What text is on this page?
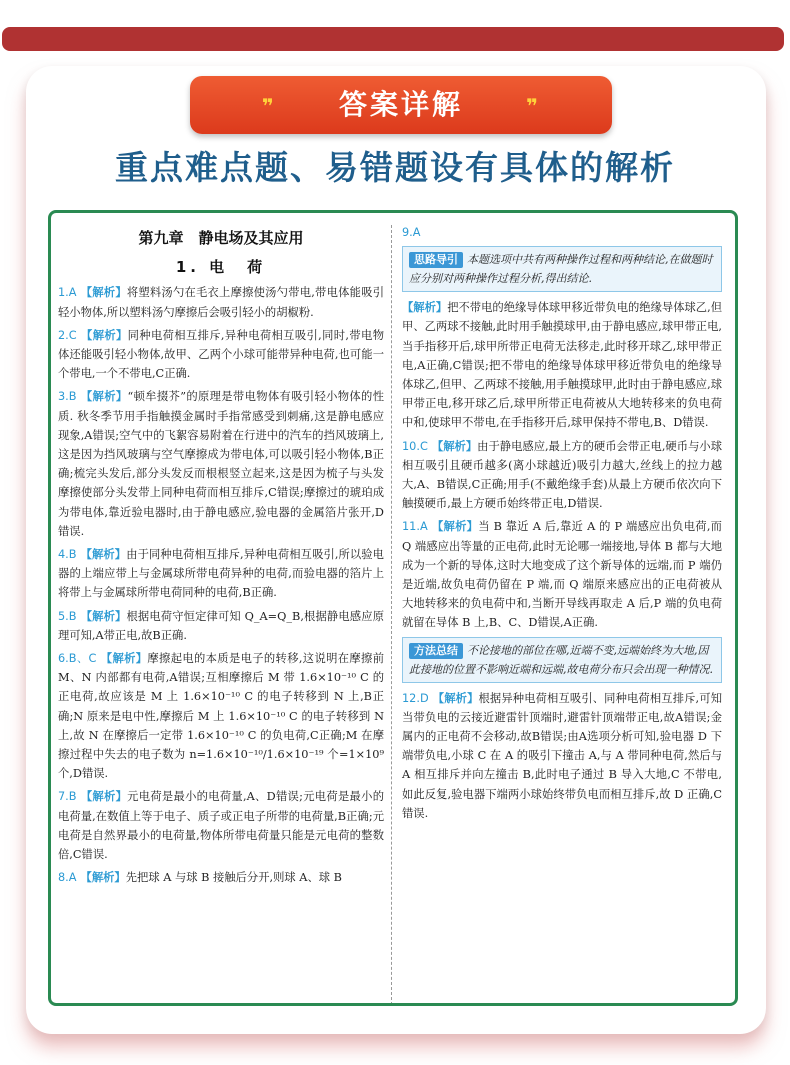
❞	答案详解	❞
重点难点题、易错题设有具体的解析
第九章　静电场及其应用
1. 电　荷
1.A 【解析】将塑料汤勺在毛衣上摩擦使汤勺带电,带电体能吸引轻小物体,所以塑料汤勺摩擦后会吸引轻小的胡椒粉.
2.C 【解析】同种电荷相互排斥,异种电荷相互吸引,同时,带电物体还能吸引轻小物体,故甲、乙两个小球可能带异种电荷,也可能一个带电,一个不带电,C正确.
3.B 【解析】“顿牟掇芥”的原理是带电物体有吸引轻小物体的性质. 秋冬季节用手指触摸金属时手指常感受到刺痛,这是静电感应现象,A错误;空气中的飞絮容易附着在行进中的汽车的挡风玻璃上,这是因为挡风玻璃与空气摩擦成为带电体,可以吸引轻小物体,B正确;梳完头发后,部分头发反而根根竖立起来,这是因为梳子与头发摩擦使部分头发带上同种电荷而相互排斥,C错误;摩擦过的琥珀成为带电体,靠近验电器时,由于静电感应,验电器的金属箔片张开,D错误.
4.B 【解析】由于同种电荷相互排斥,异种电荷相互吸引,所以验电器的上端应带上与金属球所带电荷异种的电荷,而验电器的箔片上将带上与金属球所带电荷同种的电荷,B正确.
5.B 【解析】根据电荷守恒定律可知 Q_A=Q_B,根据静电感应原理可知,A带正电,故B正确.
6.B、C 【解析】摩擦起电的本质是电子的转移,这说明在摩擦前 M、N 内部都有电荷,A错误;互相摩擦后 M 带 1.6×10⁻¹⁰ C 的正电荷,故应该是 M 上 1.6×10⁻¹⁰ C 的电子转移到 N 上,B正确;N 原来是电中性,摩擦后 M 上 1.6×10⁻¹⁰ C 的电子转移到 N 上,故 N 在摩擦后一定带 1.6×10⁻¹⁰ C 的负电荷,C正确;M 在摩擦过程中失去的电子数为 n=1.6×10⁻¹⁰/1.6×10⁻¹⁹ 个=1×10⁹ 个,D错误.
7.B 【解析】元电荷是最小的电荷量,A、D错误;元电荷是最小的电荷量,在数值上等于电子、质子或正电子所带的电荷量,B正确;元电荷是自然界最小的电荷量,物体所带电荷量只能是元电荷的整数倍,C错误.
8.A 【解析】先把球 A 与球 B 接触后分开,则球 A、球 B
9.A
思路导引 本题选项中共有两种操作过程和两种结论,在做题时应分别对两种操作过程分析,得出结论.
【解析】把不带电的绝缘导体球甲移近带负电的绝缘导体球乙,但甲、乙两球不接触,此时用手触摸球甲,由于静电感应,球甲带正电,当手指移开后,球甲所带正电荷无法移走,此时移开球乙,球甲带正电,A正确,C错误;把不带电的绝缘导体球甲移近带负电的绝缘导体球乙,但甲、乙两球不接触,用手触摸球甲,此时由于静电感应,球甲带正电,移开球乙后,球甲所带正电荷被从大地转移来的负电荷中和,使球甲不带电,在手指移开后,球甲保持不带电,B、D错误.
10.C 【解析】由于静电感应,最上方的硬币会带正电,硬币与小球相互吸引且硬币越多(离小球越近)吸引力越大,丝线上的拉力越大,A、B错误,C正确;用手(不戴绝缘手套)从最上方硬币依次向下触摸硬币,最上方硬币始终带正电,D错误.
11.A 【解析】当 B 靠近 A 后,靠近 A 的 P 端感应出负电荷,而 Q 端感应出等量的正电荷,此时无论哪一端接地,导体 B 都与大地成为一个新的导体,这时大地变成了这个新导体的远端,而 P 端仍是近端,故负电荷仍留在 P 端,而 Q 端原来感应出的正电荷被从大地转移来的负电荷中和,当断开导线再取走 A 后,P 端的负电荷就留在导体 B 上,B、C、D错误,A正确.
方法总结 不论接地的部位在哪,近端不变,远端始终为大地,因此接地的位置不影响近端和远端,故电荷分布只会出现一种情况.
12.D 【解析】根据异种电荷相互吸引、同种电荷相互排斥,可知当带负电的云接近避雷针顶端时,避雷针顶端带正电,故A错误;金属内的正电荷不会移动,故B错误;由A选项分析可知,验电器 D 下端带负电,小球 C 在 A 的吸引下撞击 A,与 A 带同种电荷,然后与 A 相互排斥并向左撞击 B,此时电子通过 B 导入大地,C 不带电,如此反复,验电器下端两小球始终带负电而相互排斥,故 D 正确,C错误.
